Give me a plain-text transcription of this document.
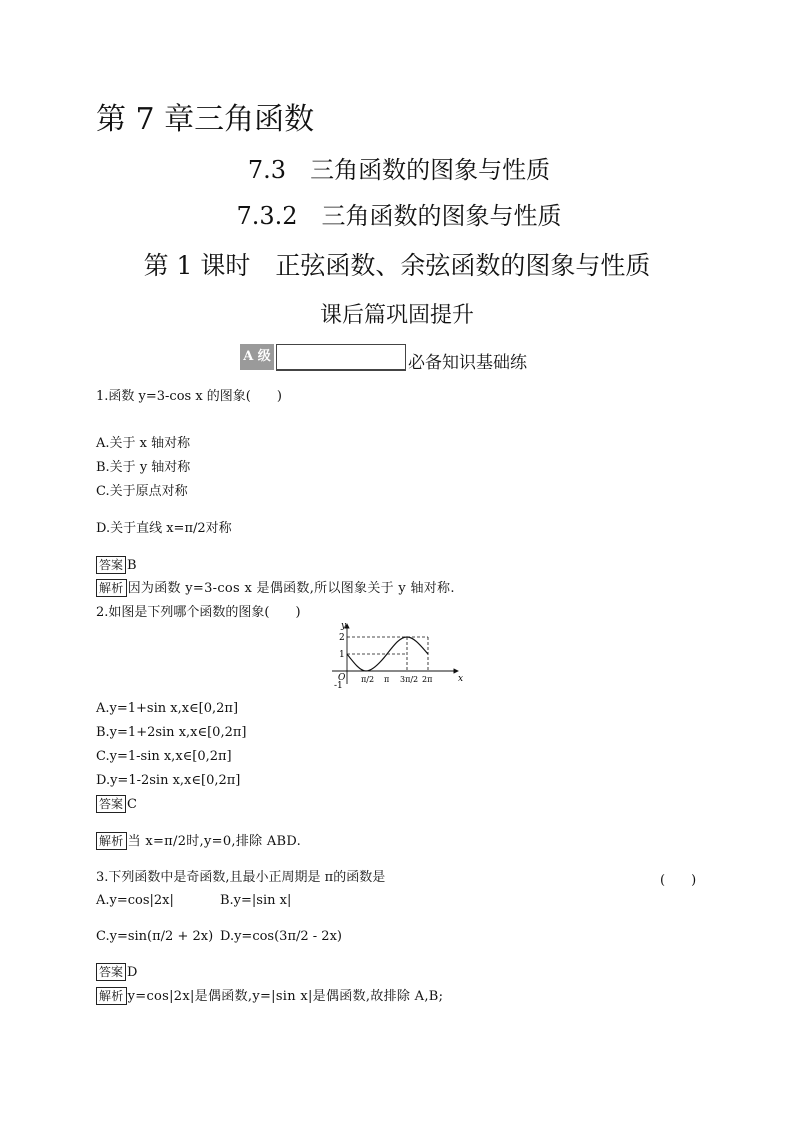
第 7 章三角函数
7.3　三角函数的图象与性质
7.3.2　三角函数的图象与性质
第 1 课时　正弦函数、余弦函数的图象与性质
课后篇巩固提升
A 级	必备知识基础练
1.函数 y=3-cos x 的图象(　　)
A.关于 x 轴对称
B.关于 y 轴对称
C.关于原点对称
D.关于直线 x=π/2对称
答案 B
解析 因为函数 y=3-cos x 是偶函数,所以图象关于 y 轴对称.
2.如图是下列哪个函数的图象(　　)
y
x
O
2
1
-1
π/2 π 3π/2 2π
A.y=1+sin x,x∈[0,2π]
B.y=1+2sin x,x∈[0,2π]
C.y=1-sin x,x∈[0,2π]
D.y=1-2sin x,x∈[0,2π]
答案 C
解析 当 x=π/2时,y=0,排除 ABD.
3.下列函数中是奇函数,且最小正周期是 π的函数是	(　　)
A.y=cos|2x|	B.y=|sin x|
C.y=sin(π/2 + 2x) D.y=cos(3π/2 - 2x)
答案 D
解析 y=cos|2x|是偶函数,y=|sin x|是偶函数,故排除 A,B;
